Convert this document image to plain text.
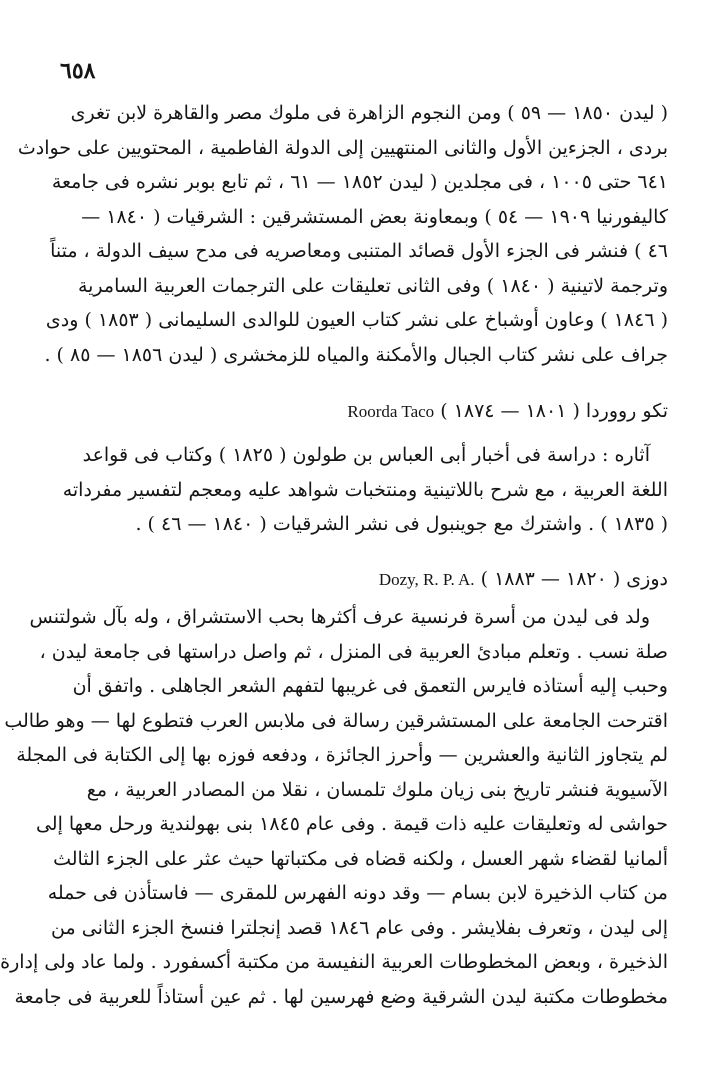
٦٥٨
( ليدن ١٨٥٠ — ٥٩ ) ومن النجوم الزاهرة فى ملوك مصر والقاهرة لابن تغرى
بردى ، الجزءين الأول والثانى المنتهيين إلى الدولة الفاطمية ، المحتويين على حوادث
٦٤١ حتى ١٠٠٥ ، فى مجلدين ( ليدن ١٨٥٢ — ٦١ ، ثم تابع بوبر نشره فى جامعة
كاليفورنيا ١٩٠٩ — ٥٤ ) وبمعاونة بعض المستشرقين : الشرقيات ( ١٨٤٠ —
٤٦ ) فنشر فى الجزء الأول قصائد المتنبى ومعاصريه فى مدح سيف الدولة ، متناً
وترجمة لاتينية ( ١٨٤٠ ) وفى الثانى تعليقات على الترجمات العربية السامرية
( ١٨٤٦ ) وعاون أوشباخ على نشر كتاب العيون للوالدى السليمانى ( ١٨٥٣ ) ودى
جراف على نشر كتاب الجبال والأمكنة والمياه للزمخشرى ( ليدن ١٨٥٦ — ٨٥ ) .
تكو رووردا ( ١٨٠١ — ١٨٧٤ ) Roorda Taco
آثاره : دراسة فى أخبار أبى العباس بن طولون ( ١٨٢٥ ) وكتاب فى قواعد
اللغة العربية ، مع شرح باللاتينية ومنتخبات شواهد عليه ومعجم لتفسير مفرداته
( ١٨٣٥ ) . واشترك مع جوينبول فى نشر الشرقيات ( ١٨٤٠ — ٤٦ ) .
دوزى ( ١٨٢٠ — ١٨٨٣ ) Dozy, R. P. A.
ولد فى ليدن من أسرة فرنسية عرف أكثرها بحب الاستشراق ، وله بآل شولتنس
صلة نسب . وتعلم مبادئ العربية فى المنزل ، ثم واصل دراستها فى جامعة ليدن ،
وحبب إليه أستاذه فايرس التعمق فى غريبها لتفهم الشعر الجاهلى . واتفق أن
اقترحت الجامعة على المستشرقين رسالة فى ملابس العرب فتطوع لها — وهو طالب
لم يتجاوز الثانية والعشرين — وأحرز الجائزة ، ودفعه فوزه بها إلى الكتابة فى المجلة
الآسيوية فنشر تاريخ بنى زيان ملوك تلمسان ، نقلا من المصادر العربية ، مع
حواشى له وتعليقات عليه ذات قيمة . وفى عام ١٨٤٥ بنى بهولندية ورحل معها إلى
ألمانيا لقضاء شهر العسل ، ولكنه قضاه فى مكتباتها حيث عثر على الجزء الثالث
من كتاب الذخيرة لابن بسام — وقد دونه الفهرس للمقرى — فاستأذن فى حمله
إلى ليدن ، وتعرف بفلايشر . وفى عام ١٨٤٦ قصد إنجلترا فنسخ الجزء الثانى من
الذخيرة ، وبعض المخطوطات العربية النفيسة من مكتبة أكسفورد . ولما عاد ولى إدارة
مخطوطات مكتبة ليدن الشرقية وضع فهرسين لها . ثم عين أستاذاً للعربية فى جامعة
